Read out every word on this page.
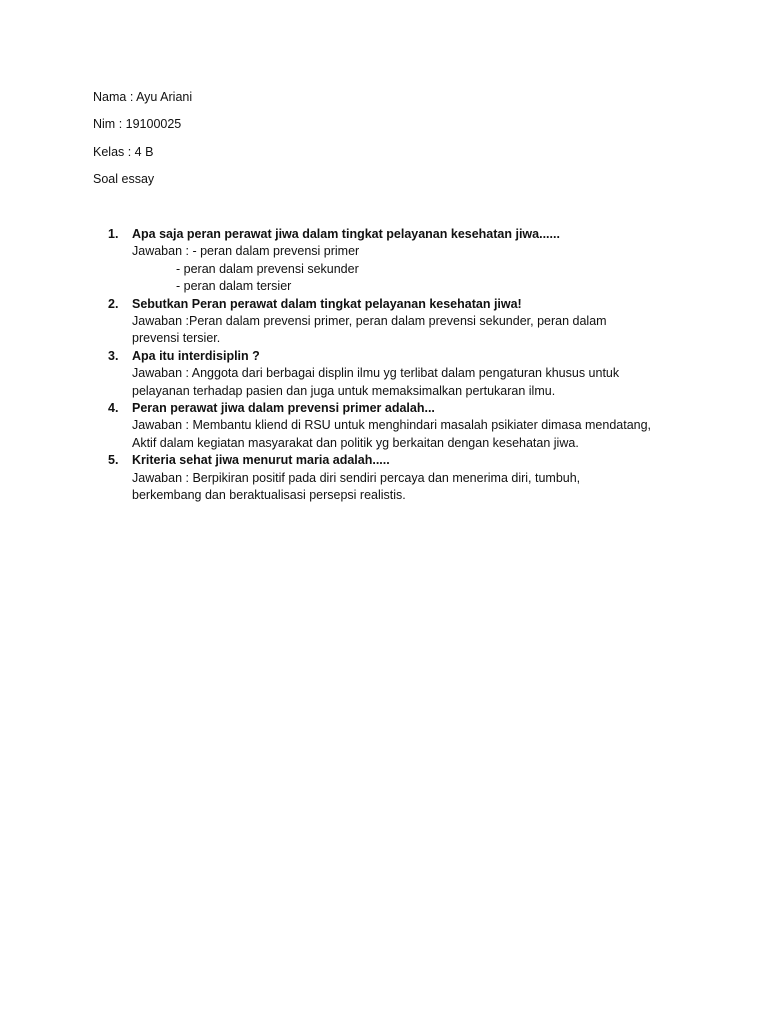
Nama : Ayu Ariani
Nim : 19100025
Kelas : 4 B
Soal essay
1. Apa saja peran perawat jiwa dalam tingkat pelayanan kesehatan jiwa......
Jawaban : - peran dalam prevensi primer
- peran dalam prevensi sekunder
- peran dalam tersier
2. Sebutkan Peran perawat dalam tingkat pelayanan kesehatan jiwa!
Jawaban :Peran dalam prevensi primer, peran dalam prevensi sekunder, peran dalam
prevensi tersier.
3. Apa itu interdisiplin ?
Jawaban : Anggota dari berbagai displin ilmu yg terlibat dalam pengaturan khusus untuk
pelayanan terhadap pasien dan juga untuk memaksimalkan pertukaran ilmu.
4. Peran perawat jiwa dalam prevensi primer adalah...
Jawaban : Membantu kliend di RSU untuk menghindari masalah psikiater dimasa mendatang,
Aktif dalam kegiatan masyarakat dan politik yg berkaitan dengan kesehatan jiwa.
5. Kriteria sehat jiwa menurut maria adalah.....
Jawaban : Berpikiran positif pada diri sendiri percaya dan menerima diri, tumbuh,
berkembang dan beraktualisasi persepsi realistis.
